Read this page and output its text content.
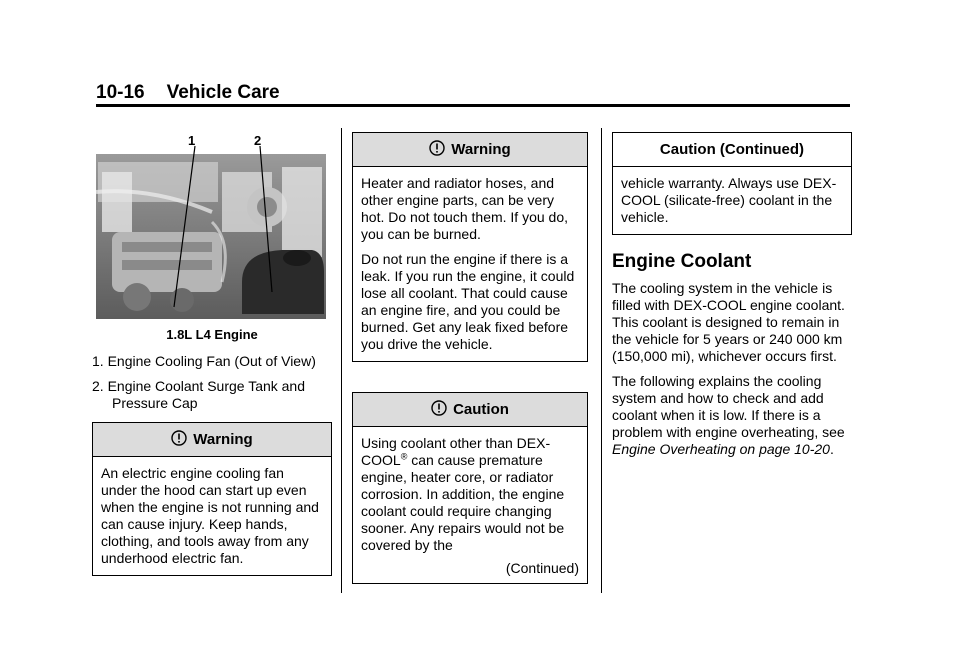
10-16 Vehicle Care
1	2
1.8L L4 Engine
1. Engine Cooling Fan (Out of View)
2. Engine Coolant Surge Tank and Pressure Cap
Warning

An electric engine cooling fan under the hood can start up even when the engine is not running and can cause injury. Keep hands, clothing, and tools away from any underhood electric fan.

Warning

Heater and radiator hoses, and other engine parts, can be very hot. Do not touch them. If you do, you can be burned.

Do not run the engine if there is a leak. If you run the engine, it could lose all coolant. That could cause an engine fire, and you could be burned. Get any leak fixed before you drive the vehicle.

Caution

Using coolant other than DEX-COOL® can cause premature engine, heater core, or radiator corrosion. In addition, the engine coolant could require changing sooner. Any repairs would not be covered by the

(Continued)
Caution (Continued)

vehicle warranty. Always use DEX-COOL (silicate-free) coolant in the vehicle.

Engine Coolant

The cooling system in the vehicle is filled with DEX-COOL engine coolant. This coolant is designed to remain in the vehicle for 5 years or 240 000 km (150,000 mi), whichever occurs first.

The following explains the cooling system and how to check and add coolant when it is low. If there is a problem with engine overheating, see Engine Overheating on page 10-20.
